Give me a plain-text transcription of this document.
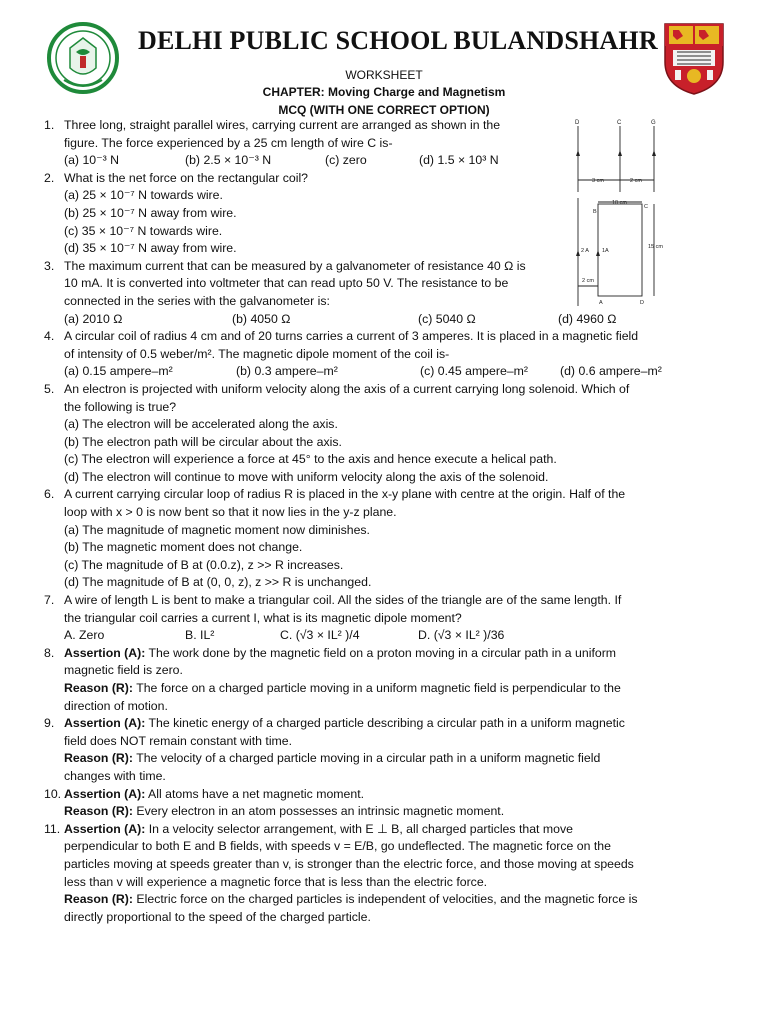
DELHI PUBLIC SCHOOL BULANDSHAHR
WORKSHEET
CHAPTER: Moving Charge and Magnetism
MCQ (WITH ONE CORRECT OPTION)
1. Three long, straight parallel wires, carrying current are arranged as shown in the
figure. The force experienced by a 25 cm length of wire C is-
(a) 10⁻³ N	(b) 2.5 × 10⁻³ N	(c) zero	(d) 1.5 × 10³ N
2. What is the net force on the rectangular coil?
(a) 25 × 10⁻⁷ N towards wire.
(b) 25 × 10⁻⁷ N away from wire.
(c) 35 × 10⁻⁷ N towards wire.
(d) 35 × 10⁻⁷ N away from wire.
3. The maximum current that can be measured by a galvanometer of resistance 40 Ω is
10 mA. It is converted into voltmeter that can read upto 50 V. The resistance to be
connected in the series with the galvanometer is:
(a) 2010 Ω	(b) 4050 Ω	(c) 5040 Ω	(d) 4960 Ω
4. A circular coil of radius 4 cm and of 20 turns carries a current of 3 amperes. It is placed in a magnetic field
of intensity of 0.5 weber/m². The magnetic dipole moment of the coil is-
(a) 0.15 ampere–m²	(b) 0.3 ampere–m²	(c) 0.45 ampere–m²	(d) 0.6 ampere–m²
5. An electron is projected with uniform velocity along the axis of a current carrying long solenoid. Which of
the following is true?
(a) The electron will be accelerated along the axis.
(b) The electron path will be circular about the axis.
(c) The electron will experience a force at 45° to the axis and hence execute a helical path.
(d) The electron will continue to move with uniform velocity along the axis of the solenoid.
6. A current carrying circular loop of radius R is placed in the x-y plane with centre at the origin. Half of the
loop with x > 0 is now bent so that it now lies in the y-z plane.
(a) The magnitude of magnetic moment now diminishes.
(b) The magnetic moment does not change.
(c) The magnitude of B at (0.0.z), z >> R increases.
(d) The magnitude of B at (0, 0, z), z >> R is unchanged.
7. A wire of length L is bent to make a triangular coil. All the sides of the triangle are of the same length. If
the triangular coil carries a current I, what is its magnetic dipole moment?
A. Zero	B. IL²	C. (√3 × IL² )/4	D. (√3 × IL² )/36
8. Assertion (A): The work done by the magnetic field on a proton moving in a circular path in a uniform
magnetic field is zero.
Reason (R): The force on a charged particle moving in a uniform magnetic field is perpendicular to the
direction of motion.
9. Assertion (A): The kinetic energy of a charged particle describing a circular path in a uniform magnetic
field does NOT remain constant with time.
Reason (R): The velocity of a charged particle moving in a circular path in a uniform magnetic field
changes with time.
10. Assertion (A): All atoms have a net magnetic moment.
Reason (R): Every electron in an atom possesses an intrinsic magnetic moment.
11. Assertion (A): In a velocity selector arrangement, with E ⊥ B, all charged particles that move
perpendicular to both E and B fields, with speeds v = E/B, go undeflected. The magnetic force on the
particles moving at speeds greater than v, is stronger than the electric force, and those moving at speeds
less than v will experience a magnetic force that is less than the electric force.
Reason (R): Electric force on the charged particles is independent of velocities, and the magnetic force is
directly proportional to the speed of the charged particle.
D	C	G
3 cm	2 cm
10 cm
15 cm
2 A 1A
2 cm
B
C
A	D
